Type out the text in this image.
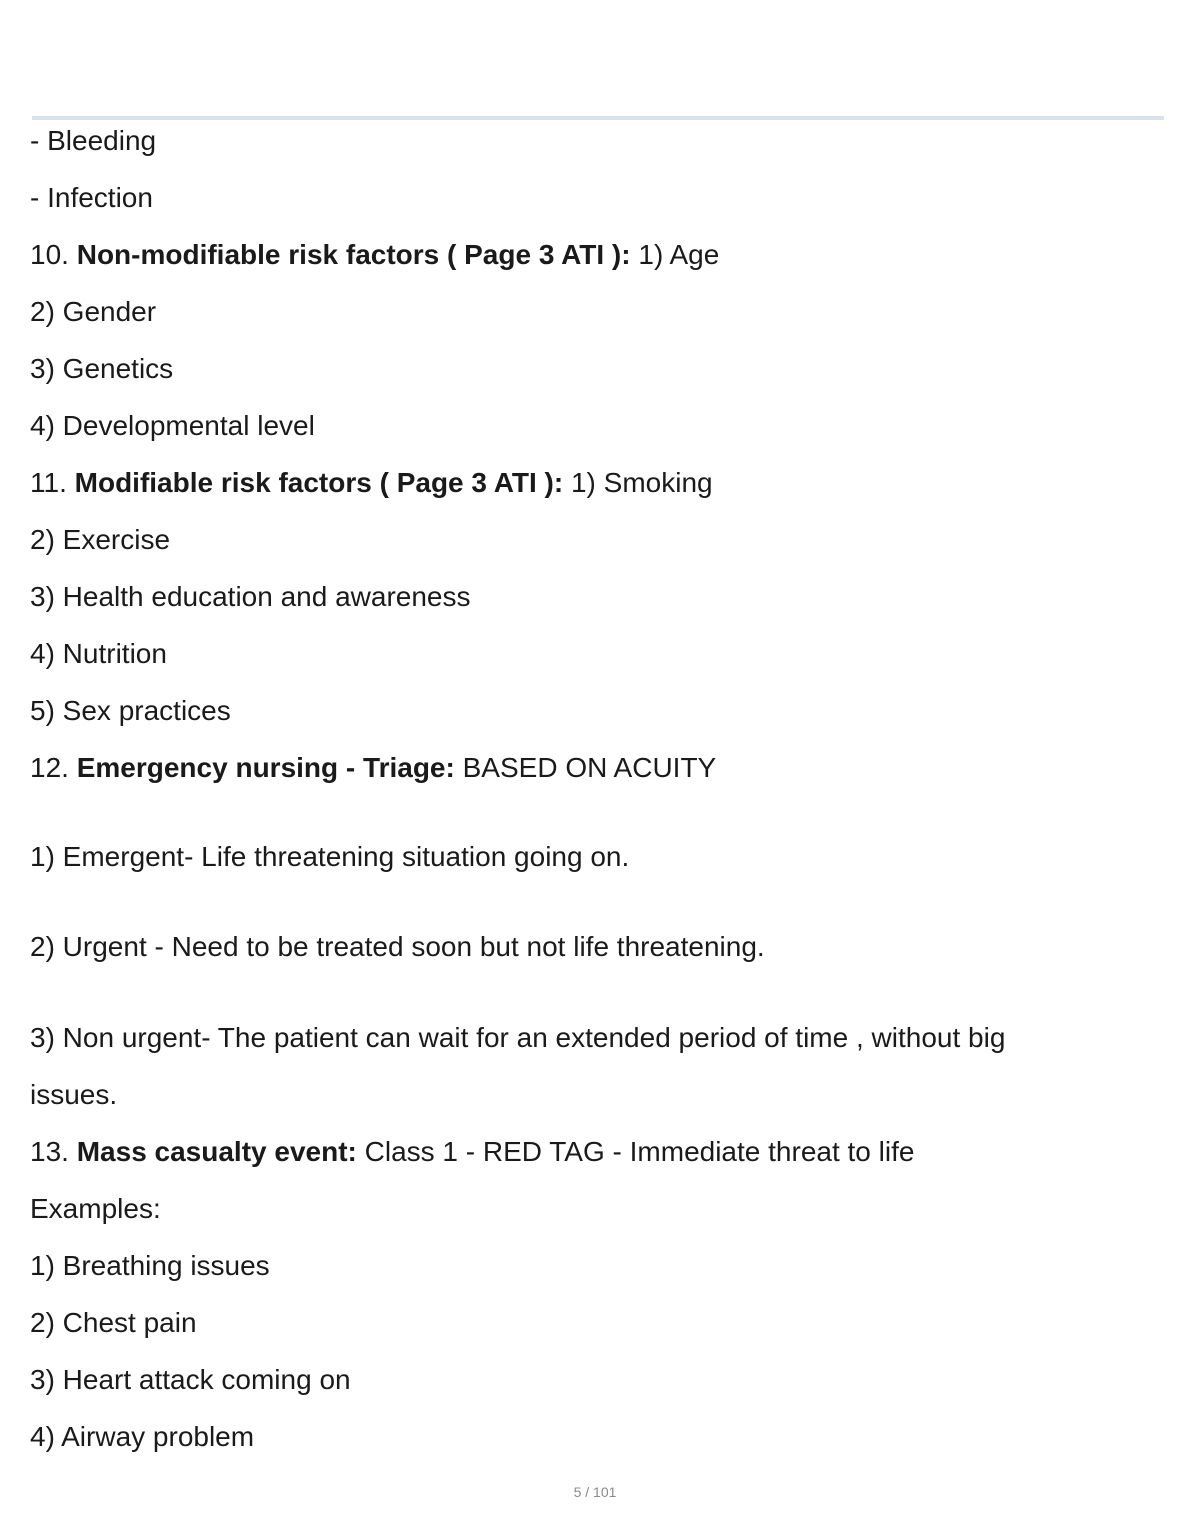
- Bleeding
- Infection
10. Non-modifiable risk factors ( Page 3 ATI ): 1) Age
2) Gender
3) Genetics
4) Developmental level
11. Modifiable risk factors ( Page 3 ATI ): 1) Smoking
2) Exercise
3) Health education and awareness
4) Nutrition
5) Sex practices
12. Emergency nursing - Triage: BASED ON ACUITY
1) Emergent- Life threatening situation going on.
2) Urgent - Need to be treated soon but not life threatening.
3) Non urgent- The patient can wait for an extended period of time , without big
issues.
13. Mass casualty event: Class 1 - RED TAG - Immediate threat to life
Examples:
1) Breathing issues
2) Chest pain
3) Heart attack coming on
4) Airway problem
5 / 101
